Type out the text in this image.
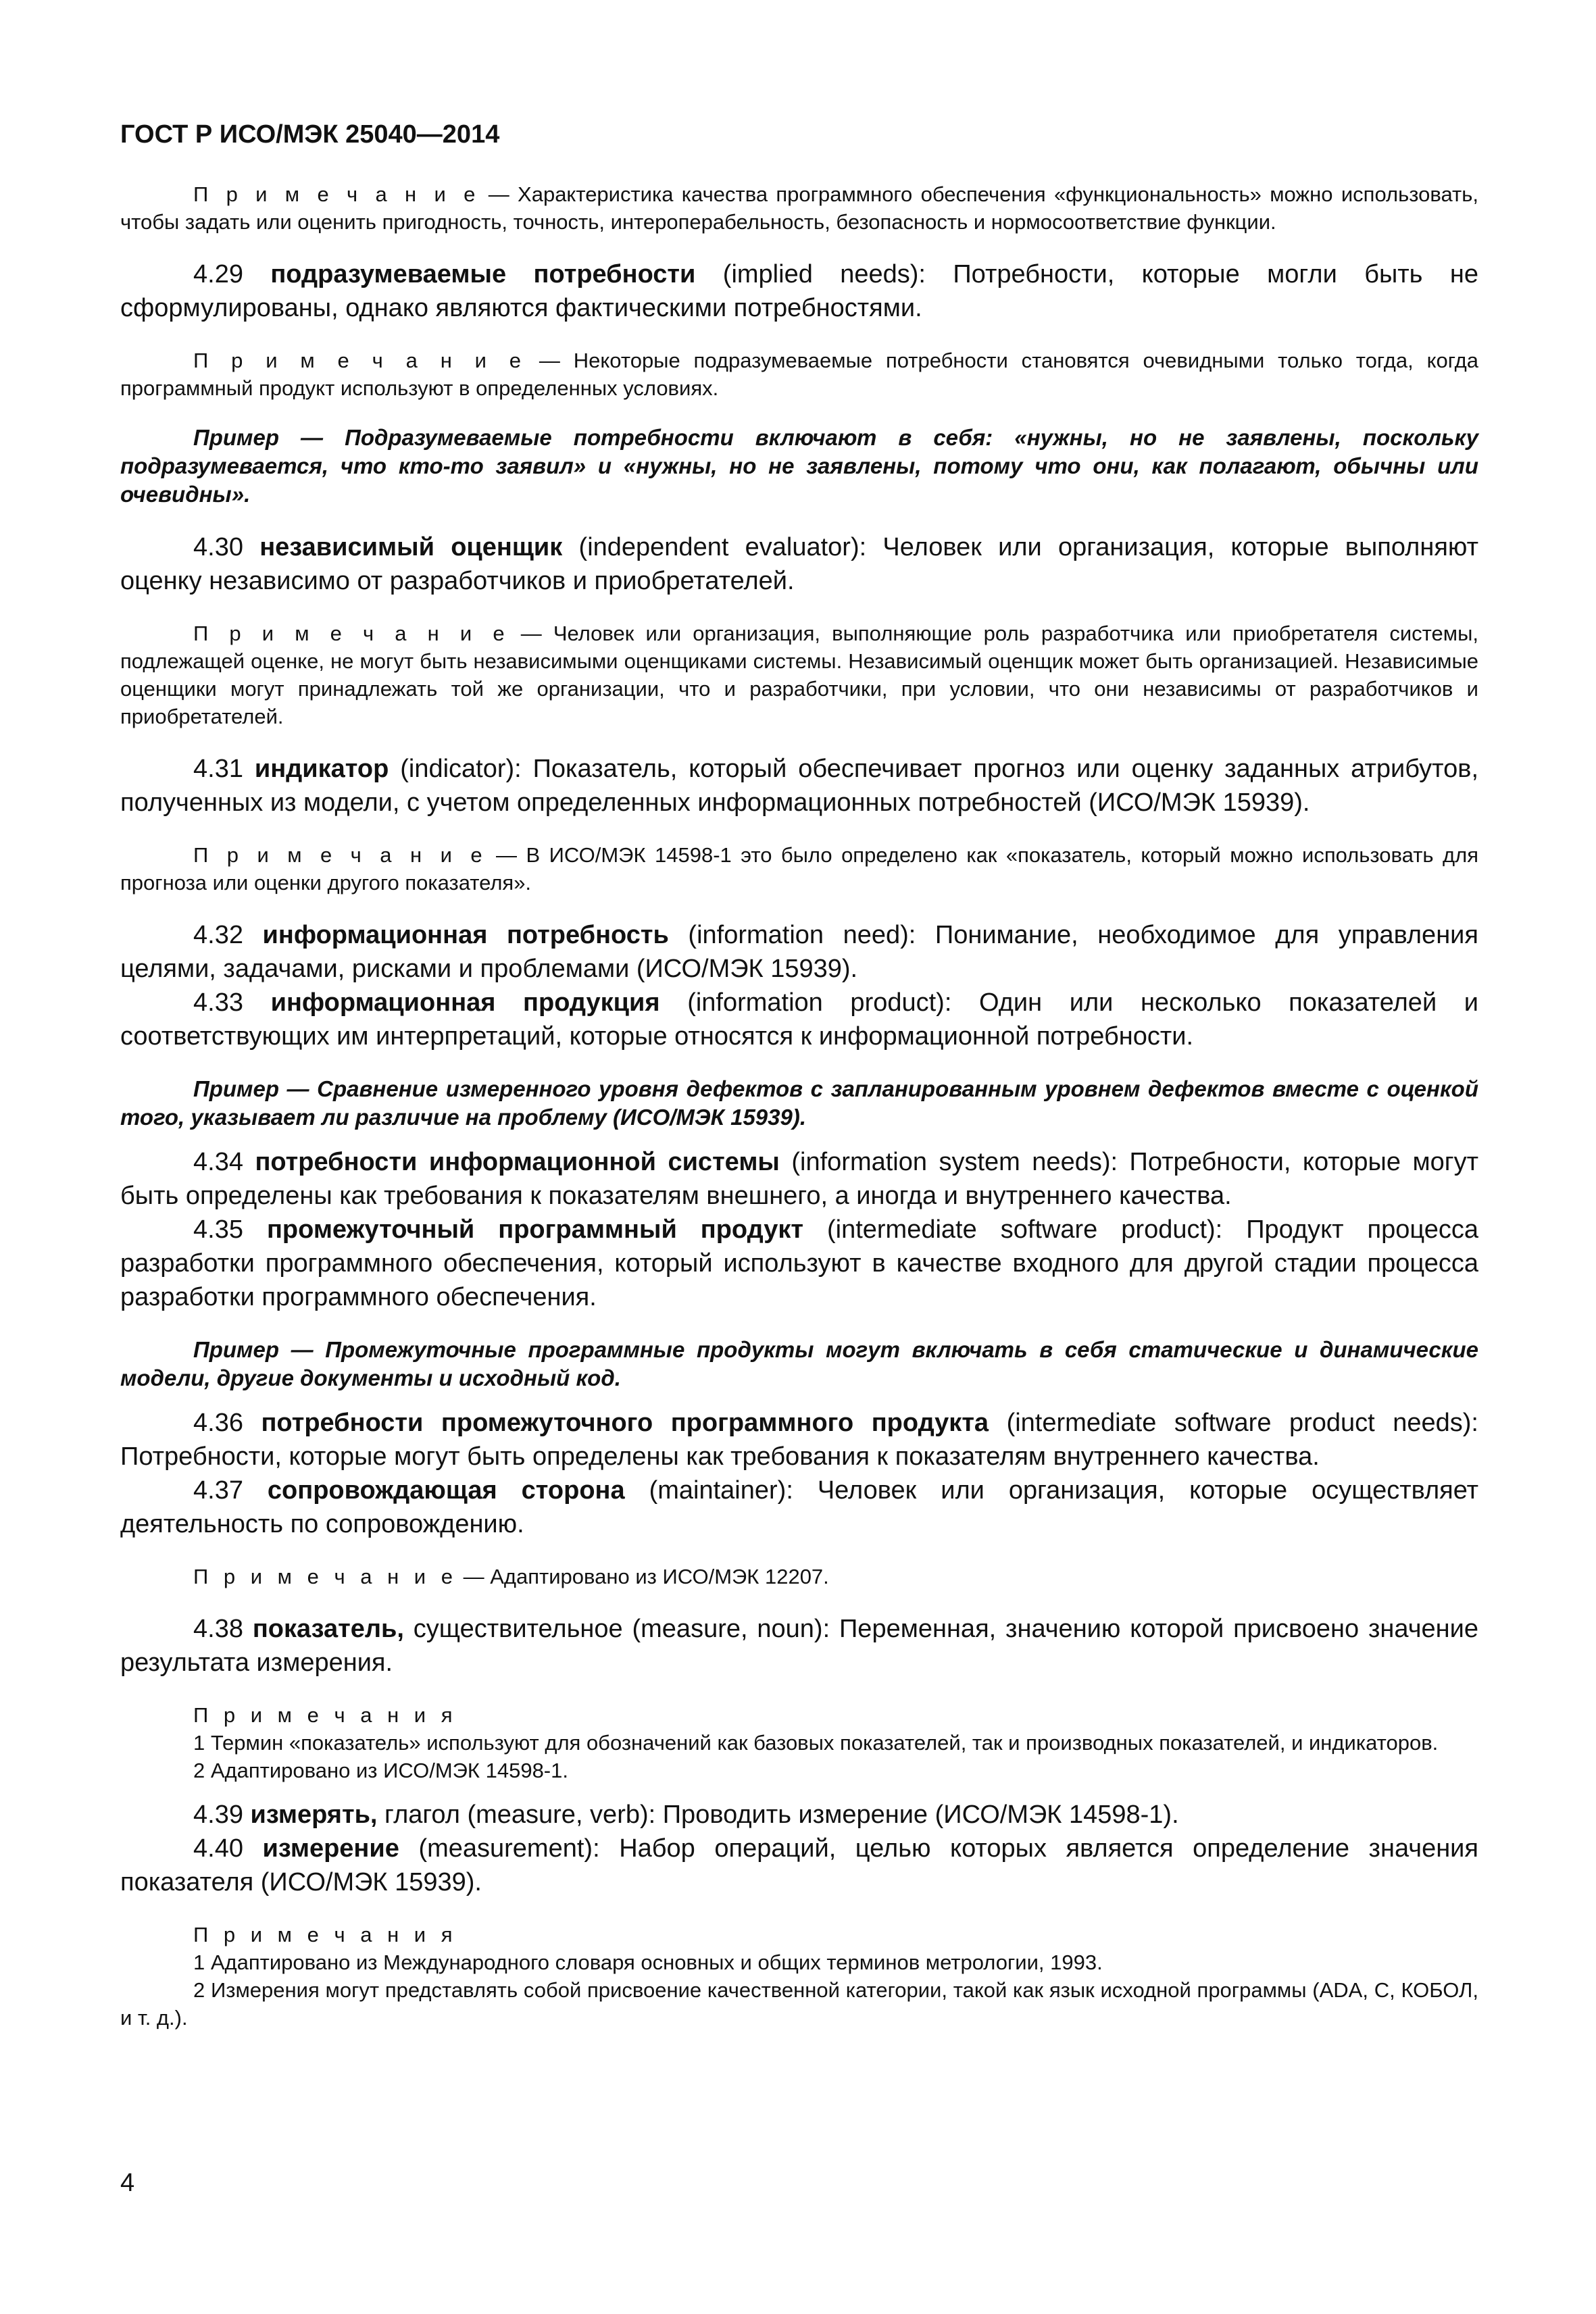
ГОСТ Р ИСО/МЭК 25040—2014

П р и м е ч а н и е — Характеристика качества программного обеспечения «функциональность» можно использовать, чтобы задать или оценить пригодность, точность, интероперабельность, безопасность и нормосоответствие функции.

4.29 подразумеваемые потребности (implied needs): Потребности, которые могли быть не сформулированы, однако являются фактическими потребностями.

П р и м е ч а н и е — Некоторые подразумеваемые потребности становятся очевидными только тогда, когда программный продукт используют в определенных условиях.

Пример — Подразумеваемые потребности включают в себя: «нужны, но не заявлены, поскольку подразумевается, что кто-то заявил» и «нужны, но не заявлены, потому что они, как полагают, обычны или очевидны».

4.30 независимый оценщик (independent evaluator): Человек или организация, которые выполняют оценку независимо от разработчиков и приобретателей.

П р и м е ч а н и е — Человек или организация, выполняющие роль разработчика или приобретателя системы, подлежащей оценке, не могут быть независимыми оценщиками системы. Независимый оценщик может быть организацией. Независимые оценщики могут принадлежать той же организации, что и разработчики, при условии, что они независимы от разработчиков и приобретателей.

4.31 индикатор (indicator): Показатель, который обеспечивает прогноз или оценку заданных атрибутов, полученных из модели, с учетом определенных информационных потребностей (ИСО/МЭК 15939).

П р и м е ч а н и е — В ИСО/МЭК 14598-1 это было определено как «показатель, который можно использовать для прогноза или оценки другого показателя».

4.32 информационная потребность (information need): Понимание, необходимое для управления целями, задачами, рисками и проблемами (ИСО/МЭК 15939).

4.33 информационная продукция (information product): Один или несколько показателей и соответствующих им интерпретаций, которые относятся к информационной потребности.

Пример — Сравнение измеренного уровня дефектов с запланированным уровнем дефектов вместе с оценкой того, указывает ли различие на проблему (ИСО/МЭК 15939).

4.34 потребности информационной системы (information system needs): Потребности, которые могут быть определены как требования к показателям внешнего, а иногда и внутреннего качества.

4.35 промежуточный программный продукт (intermediate software product): Продукт процесса разработки программного обеспечения, который используют в качестве входного для другой стадии процесса разработки программного обеспечения.

Пример — Промежуточные программные продукты могут включать в себя статические и динамические модели, другие документы и исходный код.

4.36 потребности промежуточного программного продукта (intermediate software product needs): Потребности, которые могут быть определены как требования к показателям внутреннего качества.

4.37 сопровождающая сторона (maintainer): Человек или организация, которые осуществляет деятельность по сопровождению.

П р и м е ч а н и е — Адаптировано из ИСО/МЭК 12207.

4.38 показатель, существительное (measure, noun): Переменная, значению которой присвоено значение результата измерения.

П р и м е ч а н и я

1 Термин «показатель» используют для обозначений как базовых показателей, так и производных показателей, и индикаторов.

2 Адаптировано из ИСО/МЭК 14598-1.

4.39 измерять, глагол (measure, verb): Проводить измерение (ИСО/МЭК 14598-1).

4.40 измерение (measurement): Набор операций, целью которых является определение значения показателя (ИСО/МЭК 15939).

П р и м е ч а н и я

1 Адаптировано из Международного словаря основных и общих терминов метрологии, 1993.

2 Измерения могут представлять собой присвоение качественной категории, такой как язык исходной программы (ADA, C, КОБОЛ, и т. д.).

4
